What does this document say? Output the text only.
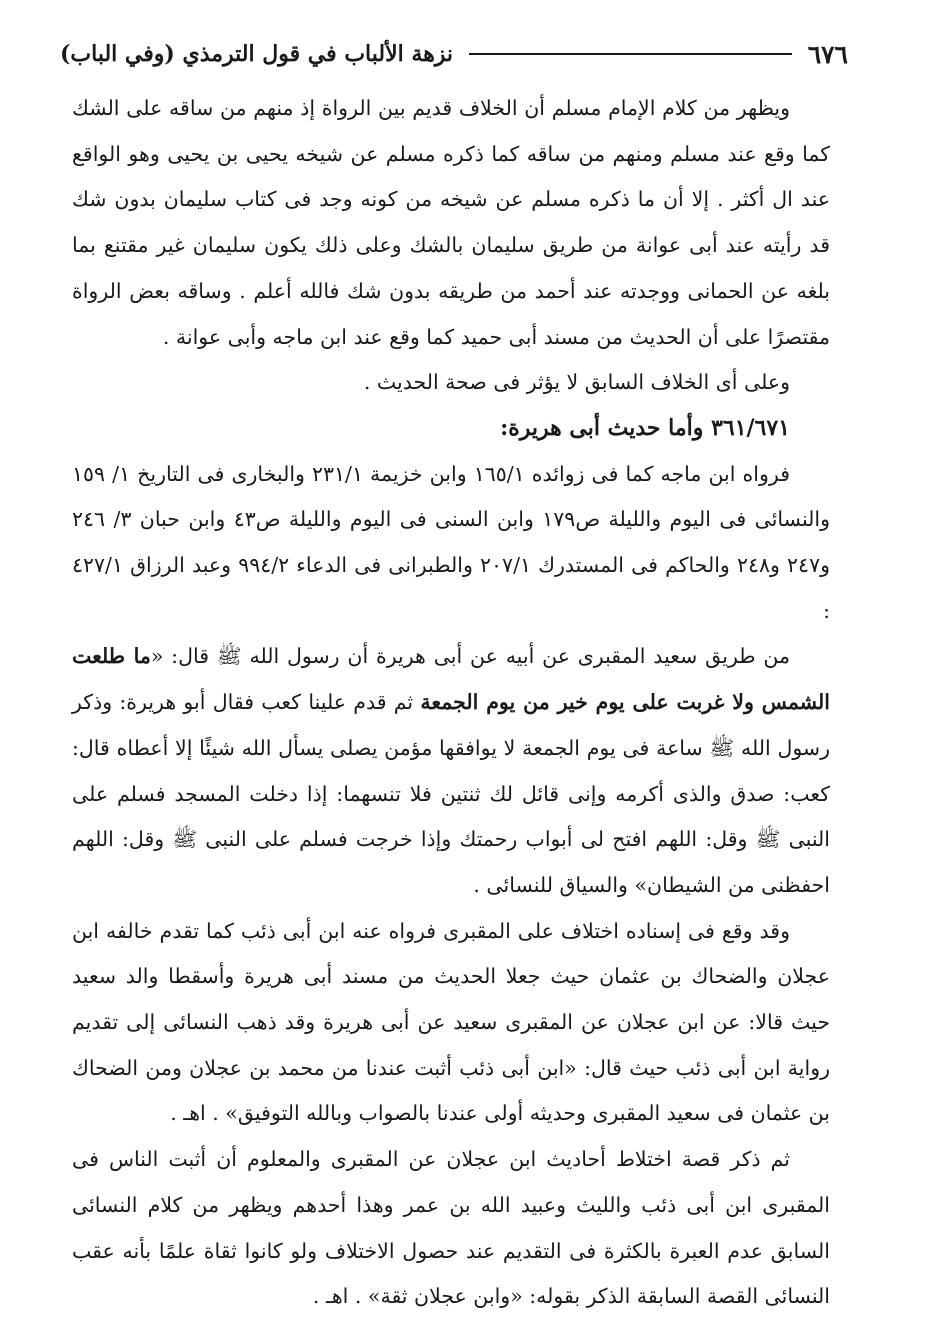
٦٧٦
نزهة الألباب في قول الترمذي (وفي الباب)

ويظهر من كلام الإمام مسلم أن الخلاف قديم بين الرواة إذ منهم من ساقه على الشك كما وقع عند مسلم ومنهم من ساقه كما ذكره مسلم عن شيخه يحيى بن يحيى وهو الواقع عند ال أكثر . إلا أن ما ذكره مسلم عن شيخه من كونه وجد فى كتاب سليمان بدون شك قد رأيته عند أبى عوانة من طريق سليمان بالشك وعلى ذلك يكون سليمان غير مقتنع بما بلغه عن الحمانى ووجدته عند أحمد من طريقه بدون شك فالله أعلم . وساقه بعض الرواة مقتصرًا على أن الحديث من مسند أبى حميد كما وقع عند ابن ماجه وأبى عوانة .

وعلى أى الخلاف السابق لا يؤثر فى صحة الحديث .

٣٦١/٦٧١ وأما حديث أبى هريرة:

فرواه ابن ماجه كما فى زوائده ١٦٥/١ وابن خزيمة ٢٣١/١ والبخارى فى التاريخ ١/ ١٥٩ والنسائى فى اليوم والليلة ص١٧٩ وابن السنى فى اليوم والليلة ص٤٣ وابن حبان ٣/ ٢٤٦ و٢٤٧ و٢٤٨ والحاكم فى المستدرك ٢٠٧/١ والطبرانى فى الدعاء ٩٩٤/٢ وعبد الرزاق ٤٢٧/١ :

من طريق سعيد المقبرى عن أبيه عن أبى هريرة أن رسول الله ﷺ قال: «ما طلعت الشمس ولا غربت على يوم خير من يوم الجمعة ثم قدم علينا كعب فقال أبو هريرة: وذكر رسول الله ﷺ ساعة فى يوم الجمعة لا يوافقها مؤمن يصلى يسأل الله شيئًا إلا أعطاه قال: كعب: صدق والذى أكرمه وإنى قائل لك ثنتين فلا تنسهما: إذا دخلت المسجد فسلم على النبى ﷺ وقل: اللهم افتح لى أبواب رحمتك وإذا خرجت فسلم على النبى ﷺ وقل: اللهم احفظنى من الشيطان» والسياق للنسائى .

وقد وقع فى إسناده اختلاف على المقبرى فرواه عنه ابن أبى ذئب كما تقدم خالفه ابن عجلان والضحاك بن عثمان حيث جعلا الحديث من مسند أبى هريرة وأسقطا والد سعيد حيث قالا: عن ابن عجلان عن المقبرى سعيد عن أبى هريرة وقد ذهب النسائى إلى تقديم رواية ابن أبى ذئب حيث قال: «ابن أبى ذئب أثبت عندنا من محمد بن عجلان ومن الضحاك بن عثمان فى سعيد المقبرى وحديثه أولى عندنا بالصواب وبالله التوفيق» . اهـ .

ثم ذكر قصة اختلاط أحاديث ابن عجلان عن المقبرى والمعلوم أن أثبت الناس فى المقبرى ابن أبى ذئب والليث وعبيد الله بن عمر وهذا أحدهم ويظهر من كلام النسائى السابق عدم العبرة بالكثرة فى التقديم عند حصول الاختلاف ولو كانوا ثقاة علمًا بأنه عقب النسائى القصة السابقة الذكر بقوله: «وابن عجلان ثقة» . اهـ .
